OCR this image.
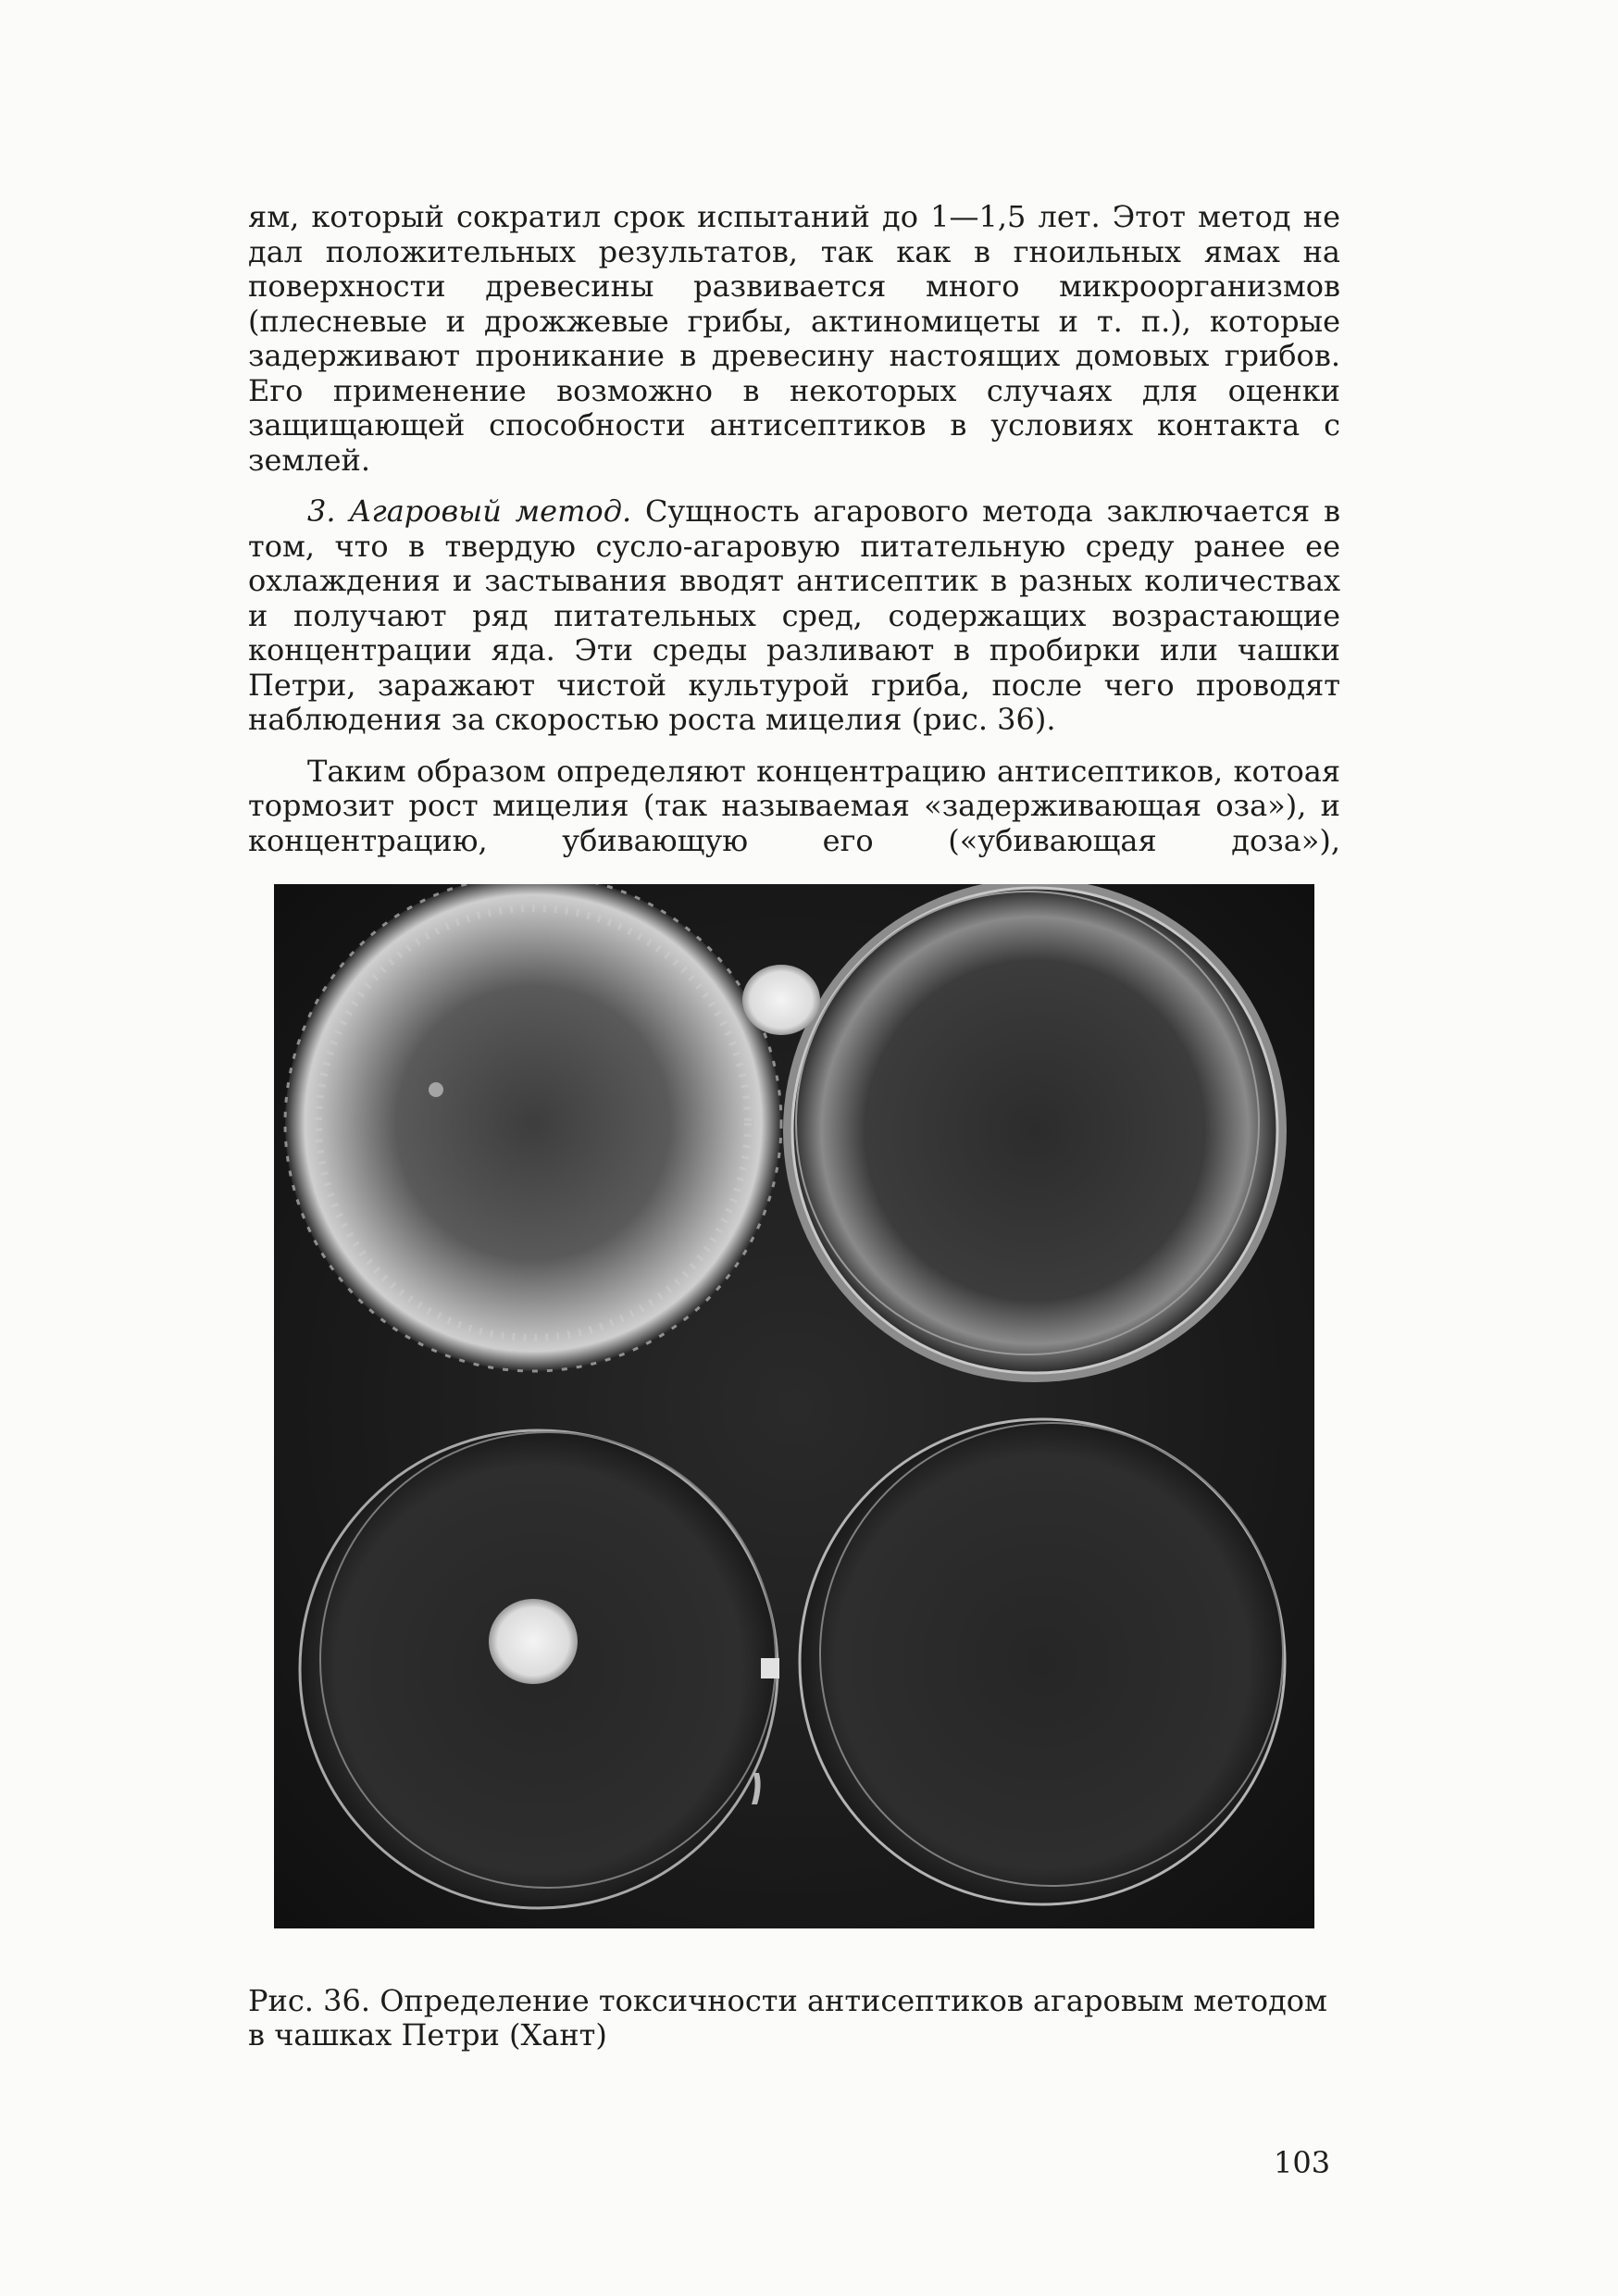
ям, который сократил срок испытаний до 1—1,5 лет. Этот метод не дал положительных результатов, так как в гноильных ямах на поверхности древесины развивается много микроорганизмов (плесневые и дрожжевые грибы, актиномицеты и т. п.), которые задерживают проникание в древесину настоящих домовых грибов. Его применение возможно в некоторых случаях для оценки защищающей способности антисептиков в условиях контакта с землей.

3. Агаровый метод. Сущность агарового метода заключается в том, что в твердую сусло-агаровую питательную среду ранее ее охлаждения и застывания вводят антисептик в разных количествах и получают ряд питательных сред, содержащих возрастающие концентрации яда. Эти среды разливают в пробирки или чашки Петри, заражают чистой культурой гриба, после чего проводят наблюдения за скоростью роста мицелия (рис. 36).

Таким образом определяют концентрацию антисептиков, котоая тормозит рост мицелия (так называемая «задерживающая оза»), и концентрацию, убивающую его («убивающая доза»),

Рис. 36. Определение токсичности антисептиков агаровым методом в чашках Петри (Хант)
103
